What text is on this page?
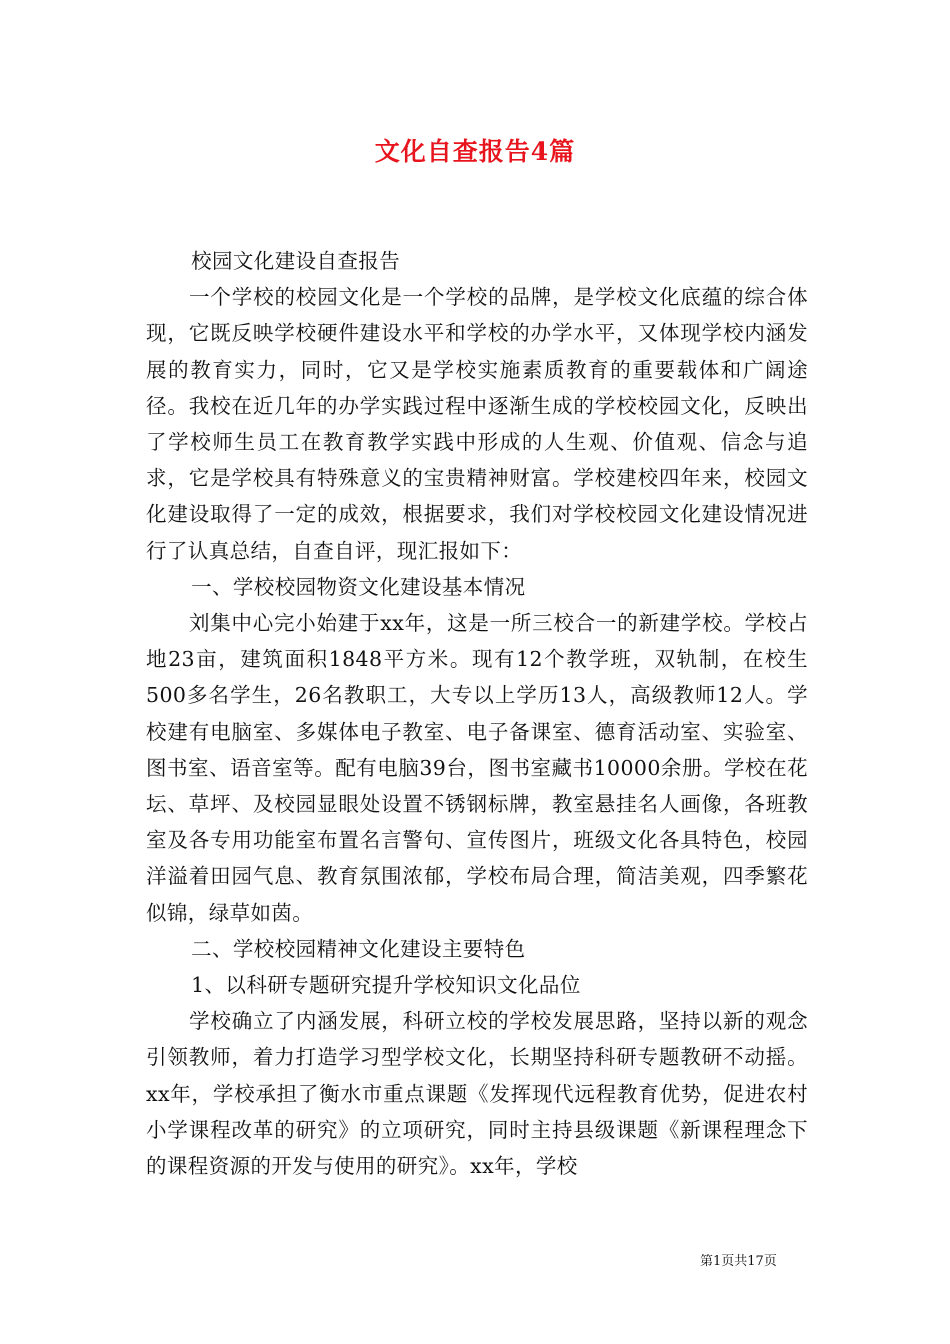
文化自查报告4篇

校园文化建设自查报告

一个学校的校园文化是一个学校的品牌，是学校文化底蕴的综合体现，它既反映学校硬件建设水平和学校的办学水平，又体现学校内涵发展的教育实力，同时，它又是学校实施素质教育的重要载体和广阔途径。我校在近几年的办学实践过程中逐渐生成的学校校园文化，反映出了学校师生员工在教育教学实践中形成的人生观、价值观、信念与追求，它是学校具有特殊意义的宝贵精神财富。学校建校四年来，校园文化建设取得了一定的成效，根据要求，我们对学校校园文化建设情况进行了认真总结，自查自评，现汇报如下：

一、学校校园物资文化建设基本情况

刘集中心完小始建于xx年，这是一所三校合一的新建学校。学校占地23亩，建筑面积1848平方米。现有12个教学班，双轨制，在校生500多名学生，26名教职工，大专以上学历13人，高级教师12人。学校建有电脑室、多媒体电子教室、电子备课室、德育活动室、实验室、图书室、语音室等。配有电脑39台，图书室藏书10000余册。学校在花坛、草坪、及校园显眼处设置不锈钢标牌，教室悬挂名人画像，各班教室及各专用功能室布置名言警句、宣传图片，班级文化各具特色，校园洋溢着田园气息、教育氛围浓郁，学校布局合理，简洁美观，四季繁花似锦，绿草如茵。

二、学校校园精神文化建设主要特色

1、以科研专题研究提升学校知识文化品位

学校确立了内涵发展，科研立校的学校发展思路，坚持以新的观念引领教师，着力打造学习型学校文化，长期坚持科研专题教研不动摇。xx年，学校承担了衡水市重点课题《发挥现代远程教育优势，促进农村小学课程改革的研究》的立项研究，同时主持县级课题《新课程理念下的课程资源的开发与使用的研究》。xx年，学校

第1页共17页
